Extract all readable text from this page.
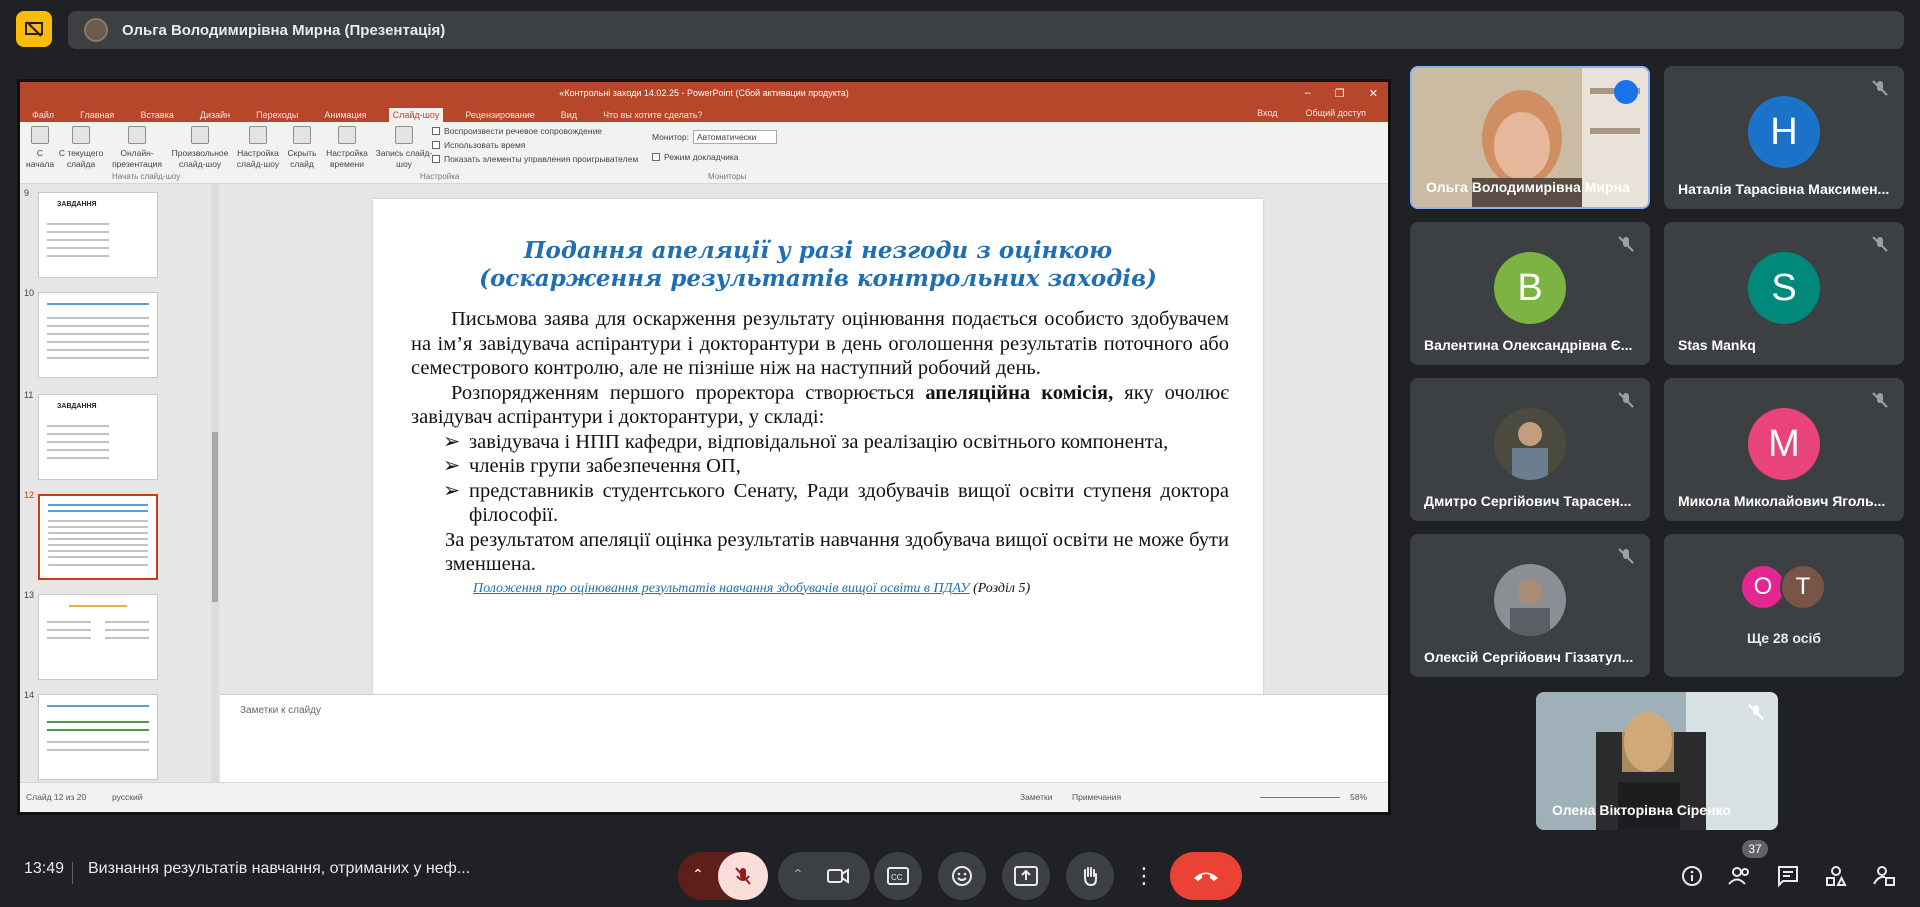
Ольга Володимирівна Мирна (Презентація)
«Контрольні заходи 14.02.25 - PowerPoint (Сбой активации продукта)	– ❐ ✕
Файл	Главная	Вставка	Дизайн	Переходы	Анимация	Слайд-шоу	Рецензирование	Вид	Что вы хотите сделать?	Вход	Общий доступ
С начала
С текущего слайда
Онлайн-презентация
Произвольное слайд-шоу
Настройка слайд-шоу
Скрыть слайд
Настройка времени
Запись слайд-шоу
Воспроизвести речевое сопровождение
Использовать время
Показать элементы управления проигрывателем
Монитор: Автоматически
Режим докладчика
Начать слайд-шоу	Настройка	Мониторы
9
ЗАВДАННЯ
10
11
ЗАВДАННЯ
12
13
14
Подання апеляції у разі незгоди з оцінкою
(оскарження результатів контрольних заходів)

Письмова заява для оскарження результату оцінювання подається особисто здобувачем на ім’я завідувача аспірантури і докторантури в день оголошення результатів поточного або семестрового контролю, але не пізніше ніж на наступний робочий день.

Розпорядженням першого проректора створюється апеляційна комісія, яку очолює завідувач аспірантури і докторантури, у складі:

➢ завідувача і НПП кафедри, відповідальної за реалізацію освітнього компонента,
➢ членів групи забезпечення ОП,
➢ представників студентського Сенату, Ради здобувачів вищої освіти ступеня доктора філософії.

За результатом апеляції оцінка результатів навчання здобувача вищої освіти не може бути зменшена.

Положення про оцінювання результатів навчання здобувачів вищої освіти в ПДАУ (Розділ 5)

Заметки к слайду
Слайд 12 из 20	русский	Заметки Примечания	58%
Ольга Володимирівна Мирна
Н
Наталія Тарасівна Максимен...
В
Валентина Олександрівна Є...
S
Stas Mankq
Дмитро Сергійович Тарасен...
M
Микола Миколайович Яголь...
Олексій Сергійович Гіззатул...
O T
Ще 28 осіб
Олена Вікторівна Сіренко
13:49 Визнання результатів навчання, отриманих у неф...	⌃	⌃	CC	⋮
37
